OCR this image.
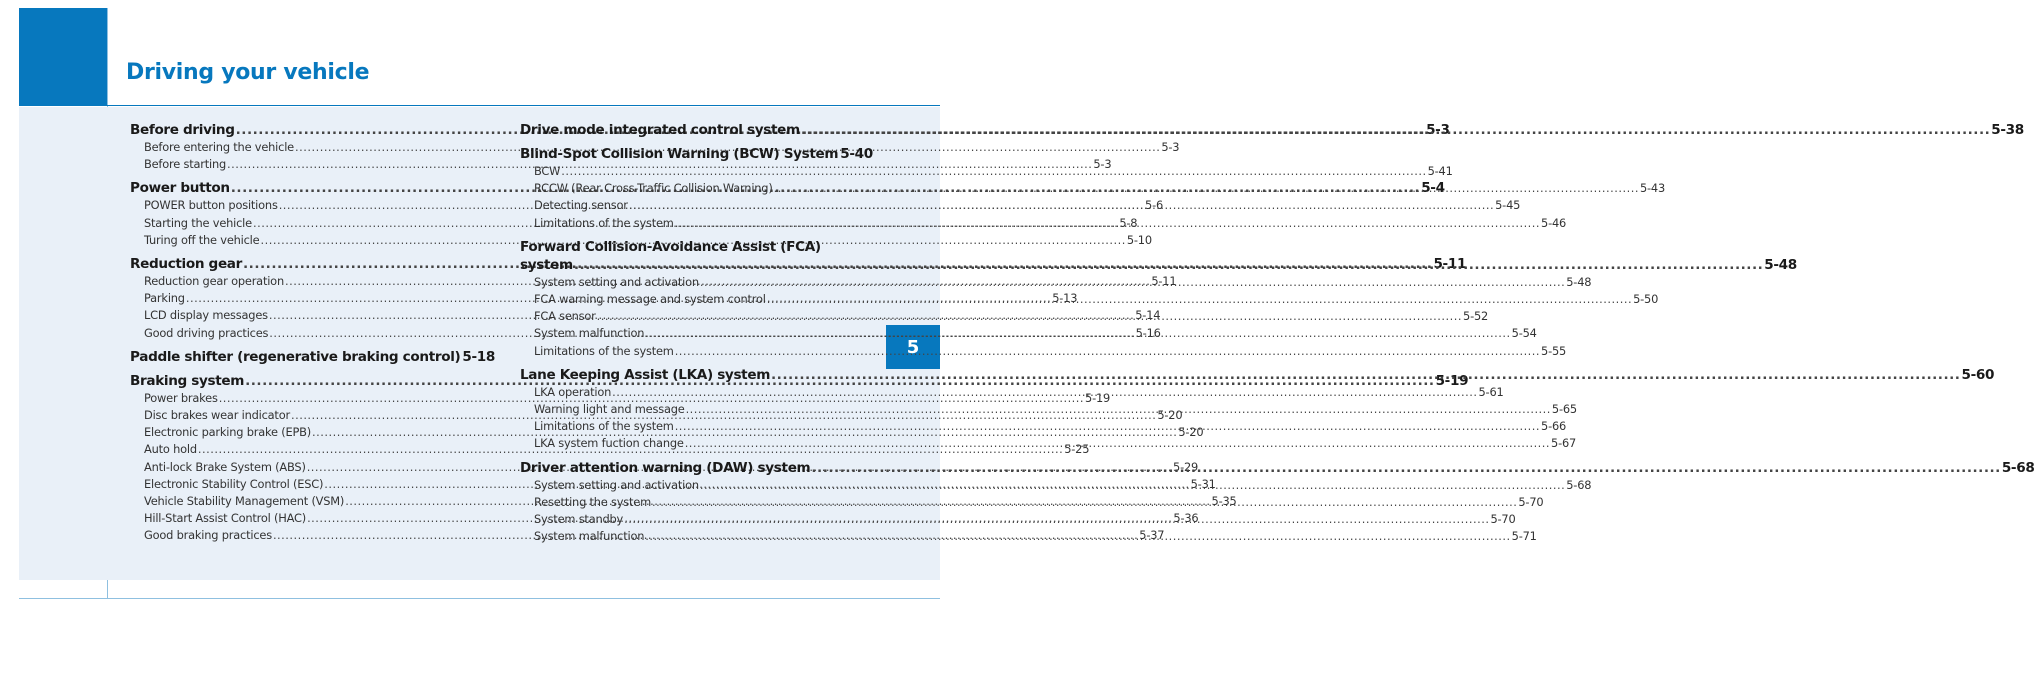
Driving your vehicle
5
Before driving .....	5-3
Before entering the vehicle .....	5-3
Before starting .....	5-3
Power button .....	5-4
POWER button positions .....	5-6
Starting the vehicle .....	5-8
Turing off the vehicle .....	5-10
Reduction gear .....	5-11
Reduction gear operation .....	5-11
Parking .....	5-13
LCD display messages .....	5-14
Good driving practices .....	5-16
Paddle shifter (regenerative braking control) 5-18
Braking system .....	5-19
Power brakes .....	5-19
Disc brakes wear indicator .....	5-20
Electronic parking brake (EPB) .....	5-20
Auto hold .....	5-25
Anti-lock Brake System (ABS) .....	5-29
Electronic Stability Control (ESC) .....	5-31
Vehicle Stability Management (VSM) .....	5-35
Hill-Start Assist Control (HAC) .....	5-36
Good braking practices .....	5-37
Drive mode integrated control system .....	5-38
Blind-Spot Collision Warning (BCW) System 5-40
BCW .....	5-41
RCCW (Rear Cross-Traffic Collision Warning) .....	5-43
Detecting sensor .....	5-45
Limitations of the system .....	5-46
Forward Collision-Avoidance Assist (FCA)
system .....	5-48
System setting and activation .....	5-48
FCA warning message and system control .....	5-50
FCA sensor .....	5-52
System malfunction .....	5-54
Limitations of the system .....	5-55
Lane Keeping Assist (LKA) system .....	5-60
LKA operation .....	5-61
Warning light and message .....	5-65
Limitations of the system .....	5-66
LKA system fuction change .....	5-67
Driver attention warning (DAW) system .....	5-68
System setting and activation .....	5-68
Resetting the system .....	5-70
System standby .....	5-70
System malfunction .....	5-71
